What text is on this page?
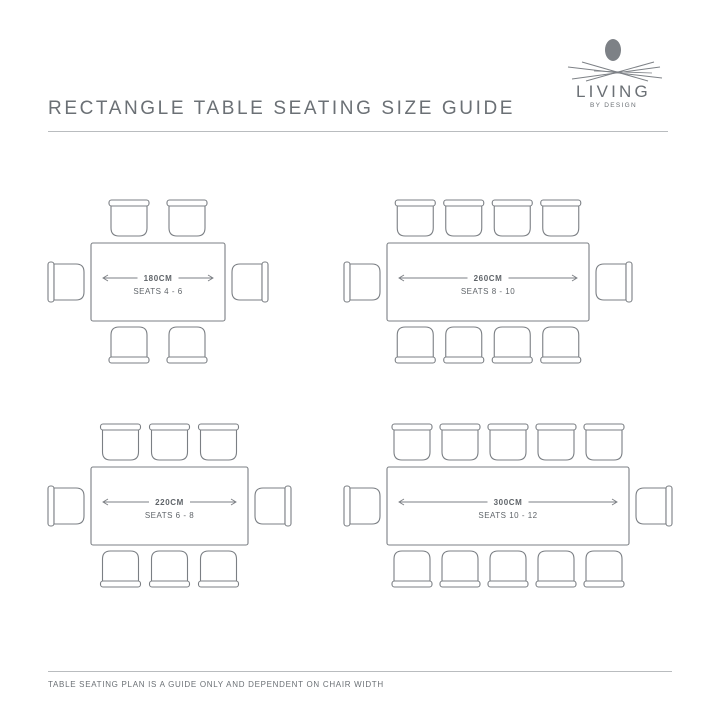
RECTANGLE TABLE SEATING SIZE GUIDE
LIVING
BY DESIGN
180CM
SEATS 4 - 6
260CM
SEATS 8 - 10
220CM
SEATS 6 - 8
300CM
SEATS 10 - 12
TABLE SEATING PLAN IS A GUIDE ONLY AND DEPENDENT ON CHAIR WIDTH
